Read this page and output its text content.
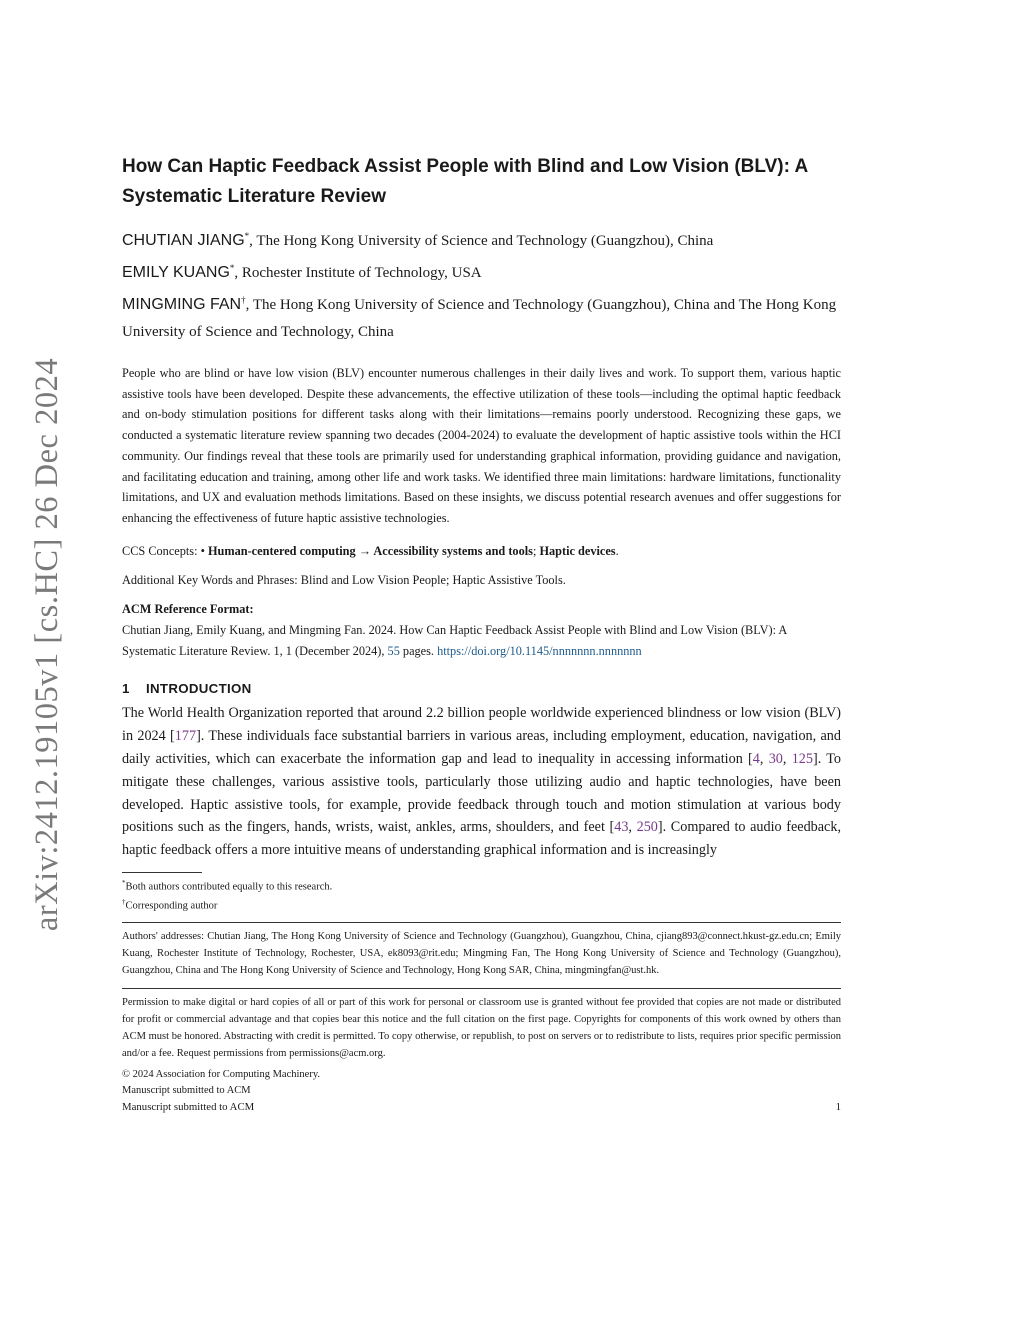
arXiv:2412.19105v1 [cs.HC] 26 Dec 2024
How Can Haptic Feedback Assist People with Blind and Low Vision (BLV): A Systematic Literature Review
CHUTIAN JIANG*, The Hong Kong University of Science and Technology (Guangzhou), China
EMILY KUANG*, Rochester Institute of Technology, USA
MINGMING FAN†, The Hong Kong University of Science and Technology (Guangzhou), China and The Hong Kong University of Science and Technology, China

People who are blind or have low vision (BLV) encounter numerous challenges in their daily lives and work. To support them, various haptic assistive tools have been developed. Despite these advancements, the effective utilization of these tools—including the optimal haptic feedback and on-body stimulation positions for different tasks along with their limitations—remains poorly understood. Recognizing these gaps, we conducted a systematic literature review spanning two decades (2004-2024) to evaluate the development of haptic assistive tools within the HCI community. Our findings reveal that these tools are primarily used for understanding graphical information, providing guidance and navigation, and facilitating education and training, among other life and work tasks. We identified three main limitations: hardware limitations, functionality limitations, and UX and evaluation methods limitations. Based on these insights, we discuss potential research avenues and offer suggestions for enhancing the effectiveness of future haptic assistive technologies.

CCS Concepts: • Human-centered computing → Accessibility systems and tools; Haptic devices.
Additional Key Words and Phrases: Blind and Low Vision People; Haptic Assistive Tools.
ACM Reference Format:
Chutian Jiang, Emily Kuang, and Mingming Fan. 2024. How Can Haptic Feedback Assist People with Blind and Low Vision (BLV): A Systematic Literature Review. 1, 1 (December 2024), 55 pages. https://doi.org/10.1145/nnnnnnn.nnnnnnn
1 INTRODUCTION

The World Health Organization reported that around 2.2 billion people worldwide experienced blindness or low vision (BLV) in 2024 [177]. These individuals face substantial barriers in various areas, including employment, education, navigation, and daily activities, which can exacerbate the information gap and lead to inequality in accessing information [4, 30, 125]. To mitigate these challenges, various assistive tools, particularly those utilizing audio and haptic technologies, have been developed. Haptic assistive tools, for example, provide feedback through touch and motion stimulation at various body positions such as the fingers, hands, wrists, waist, ankles, arms, shoulders, and feet [43, 250]. Compared to audio feedback, haptic feedback offers a more intuitive means of understanding graphical information and is increasingly

*Both authors contributed equally to this research.
†Corresponding author
Authors' addresses: Chutian Jiang, The Hong Kong University of Science and Technology (Guangzhou), Guangzhou, China, cjiang893@connect.hkust-gz.edu.cn; Emily Kuang, Rochester Institute of Technology, Rochester, USA, ek8093@rit.edu; Mingming Fan, The Hong Kong University of Science and Technology (Guangzhou), Guangzhou, China and The Hong Kong University of Science and Technology, Hong Kong SAR, China, mingmingfan@ust.hk.
Permission to make digital or hard copies of all or part of this work for personal or classroom use is granted without fee provided that copies are not made or distributed for profit or commercial advantage and that copies bear this notice and the full citation on the first page. Copyrights for components of this work owned by others than ACM must be honored. Abstracting with credit is permitted. To copy otherwise, or republish, to post on servers or to redistribute to lists, requires prior specific permission and/or a fee. Request permissions from permissions@acm.org.
© 2024 Association for Computing Machinery.
Manuscript submitted to ACM
Manuscript submitted to ACM	1
